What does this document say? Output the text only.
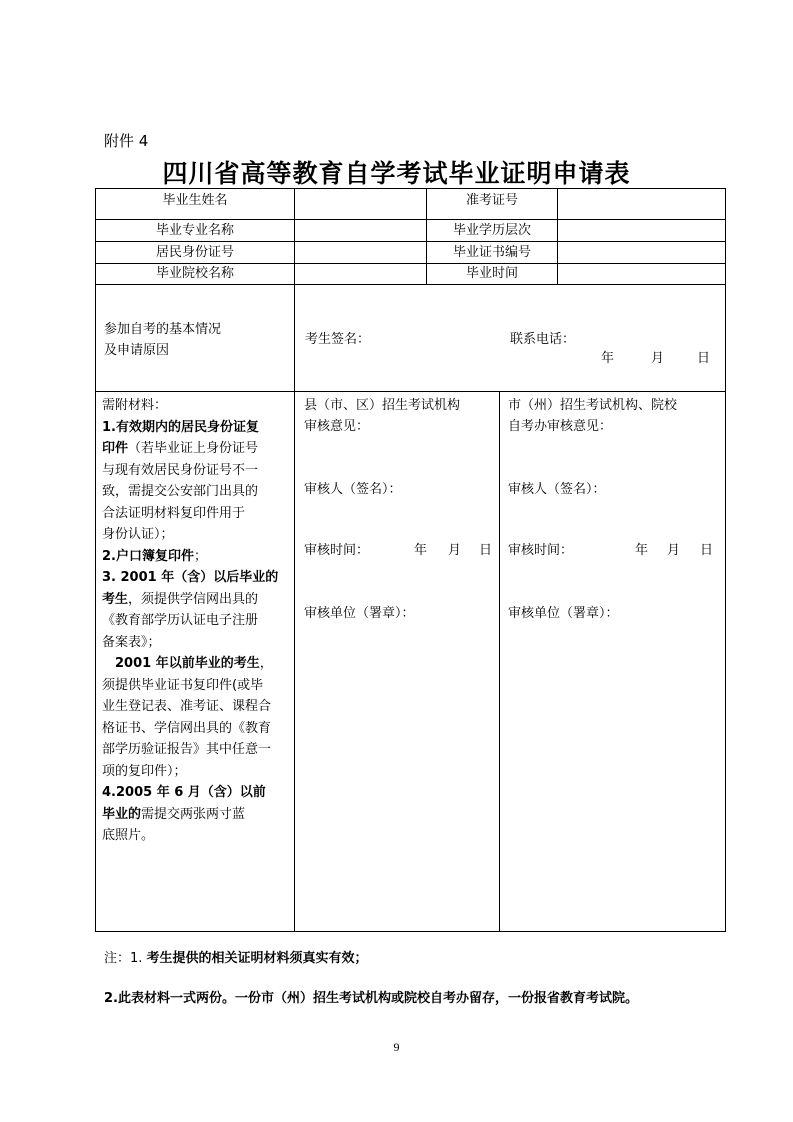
附件 4
四川省高等教育自学考试毕业证明申请表
毕业生姓名	准考证号
毕业专业名称	毕业学历层次
居民身份证号	毕业证书编号
毕业院校名称	毕业时间
参加自考的基本情况
及申请原因
考生签名：	联系电话：
年	月	日
需附材料：
1.有效期内的居民身份证复
印件（若毕业证上身份证号
与现有效居民身份证号不一
致，需提交公安部门出具的
合法证明材料复印件用于
身份认证）；
2.户口簿复印件；
3. 2001 年（含）以后毕业的
考生，须提供学信网出具的
《教育部学历认证电子注册
备案表》；
　2001 年以前毕业的考生，
须提供毕业证书复印件(或毕
业生登记表、准考证、课程合
格证书、学信网出具的《教育
部学历验证报告》其中任意一
项的复印件）；
4.2005 年 6 月（含）以前
毕业的需提交两张两寸蓝
底照片。
县（市、区）招生考试机构
审核意见：
审核人（签名）：
审核时间：	年 月 日
审核单位（署章）：
市（州）招生考试机构、院校
自考办审核意见：
审核人（签名）：
审核时间：	年 月 日
审核单位（署章）：
注：1. 考生提供的相关证明材料须真实有效；
2.此表材料一式两份。一份市（州）招生考试机构或院校自考办留存，一份报省教育考试院。
9
